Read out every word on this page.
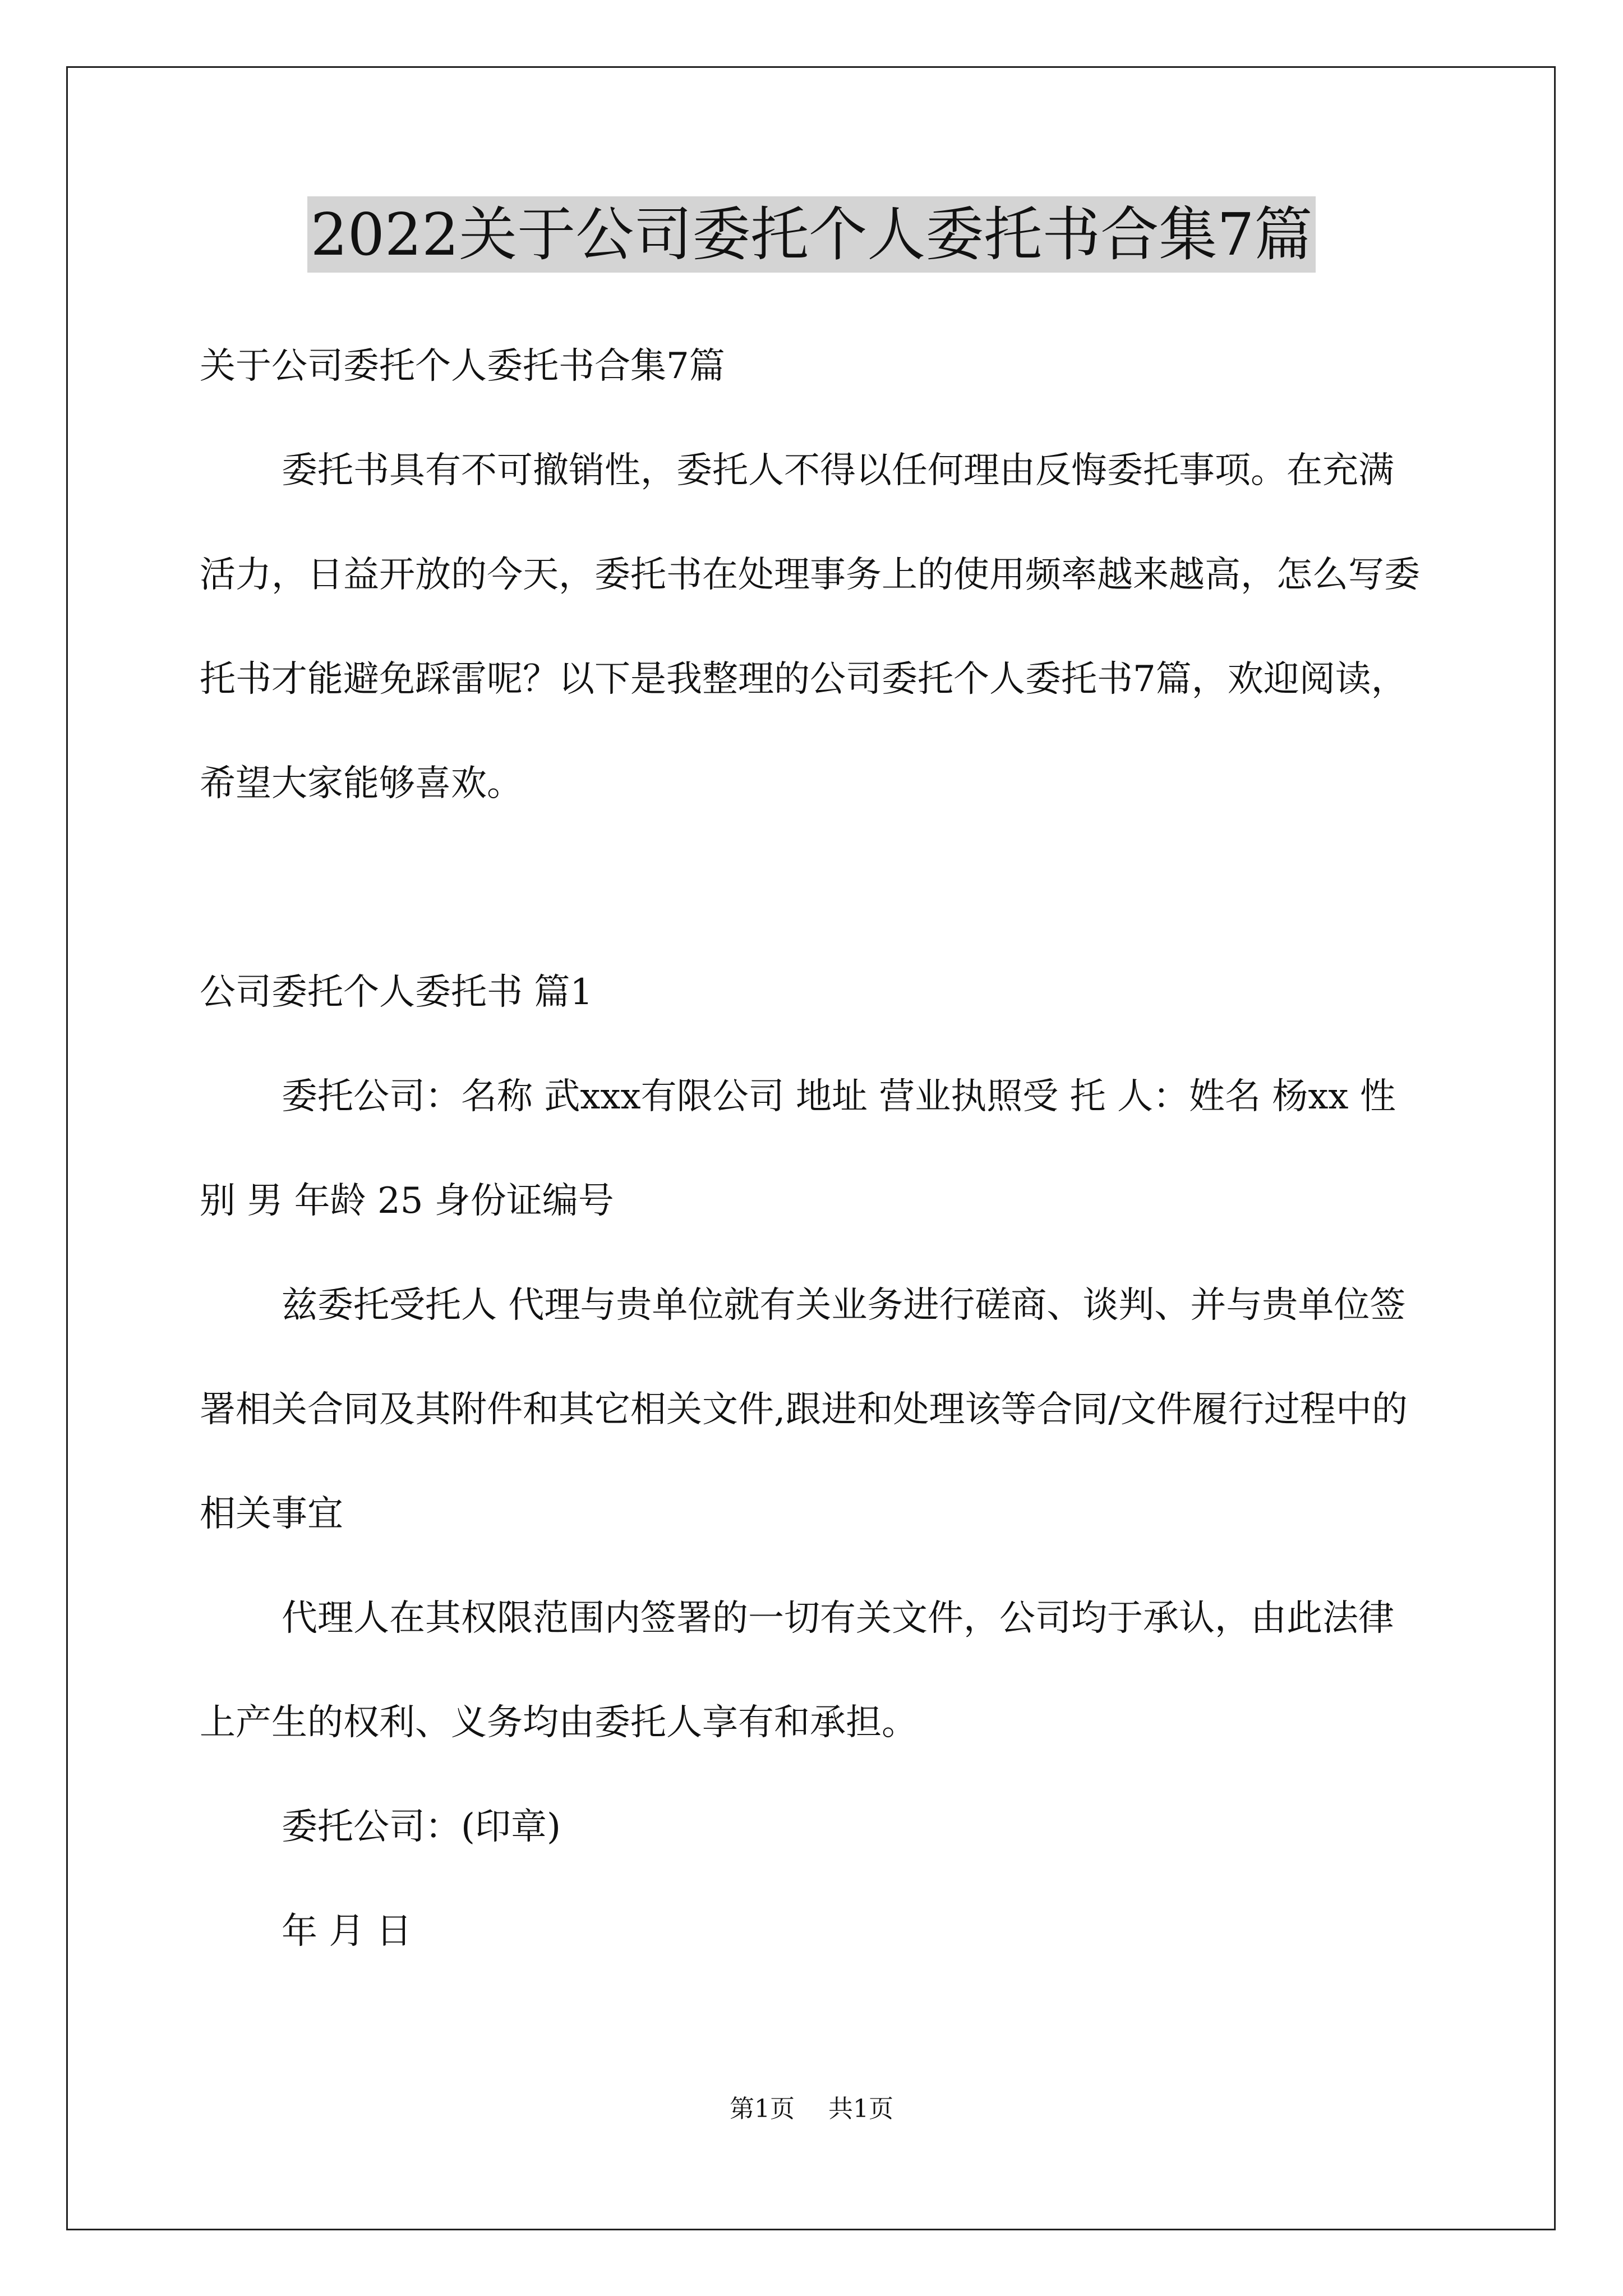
2022关于公司委托个人委托书合集7篇

关于公司委托个人委托书合集7篇

委托书具有不可撤销性，委托人不得以任何理由反悔委托事项。在充满活力，日益开放的今天，委托书在处理事务上的使用频率越来越高，怎么写委托书才能避免踩雷呢？以下是我整理的公司委托个人委托书7篇，欢迎阅读，希望大家能够喜欢。

公司委托个人委托书 篇1

委托公司：名称 武xxx有限公司 地址 营业执照受 托 人：姓名 杨xx 性别 男 年龄 25 身份证编号

兹委托受托人 代理与贵单位就有关业务进行磋商、谈判、并与贵单位签署相关合同及其附件和其它相关文件,跟进和处理该等合同/文件履行过程中的相关事宜

代理人在其权限范围内签署的一切有关文件，公司均于承认，由此法律上产生的权利、义务均由委托人享有和承担。

委托公司：(印章)

年 月 日

第1页 共1页
